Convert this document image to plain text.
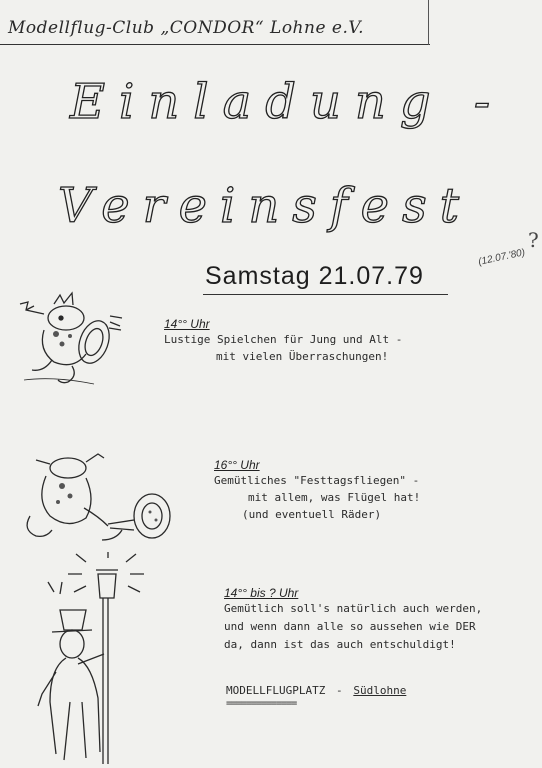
Modellflug-Club „CONDOR“ Lohne e.V.
Einladung -
Vereinsfest
Samstag 21.07.79
(12.07.'80)
?

14°° Uhr

Lustige Spielchen für Jung und Alt -

mit vielen Überraschungen!

16°° Uhr

Gemütliches "Festtagsfliegen" -

mit allem, was Flügel hat!

(und eventuell Räder)

14°° bis ? Uhr

Gemütlich soll's natürlich auch werden,

und wenn dann alle so aussehen wie DER

da, dann ist das auch entschuldigt!

MODELLFLUGPLATZ - Südlohne

==============
